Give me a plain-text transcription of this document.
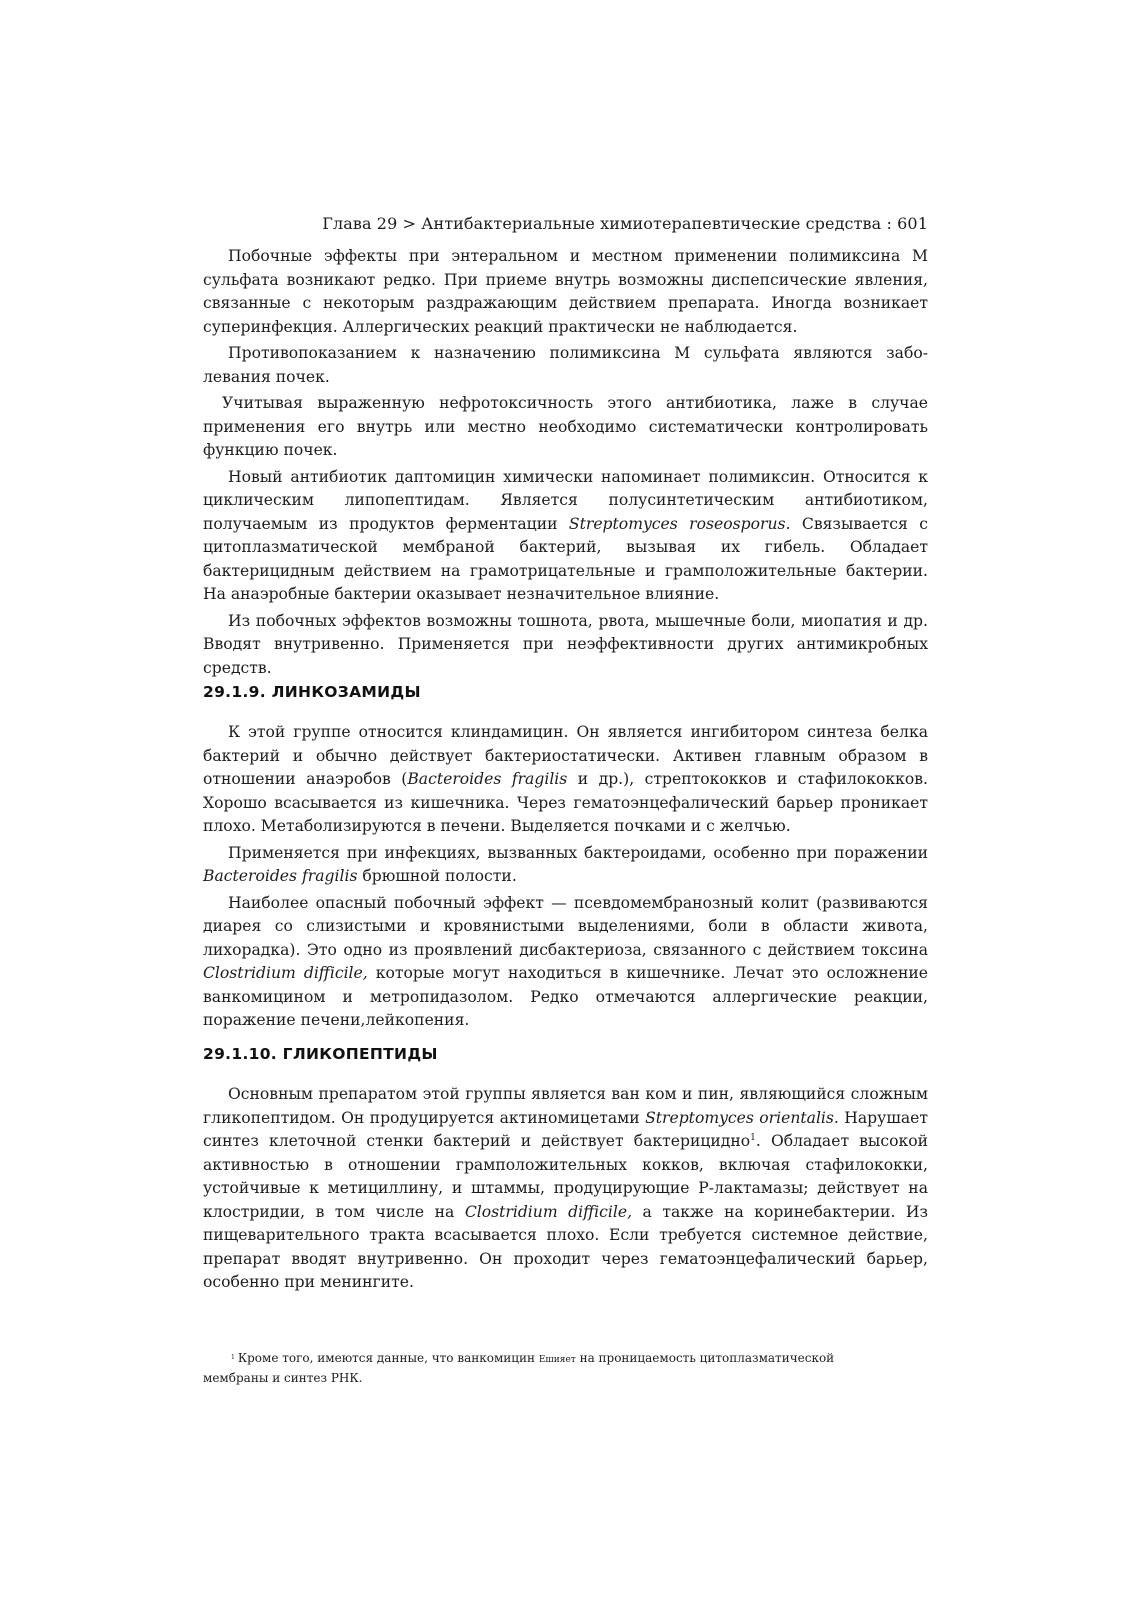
Глава 29 > Антибактериальные химиотерапевтические средства : 601

Побочные эффекты при энтеральном и местном применении полимиксина М сульфата возникают редко. При приеме внутрь возможны диспепсические явления, связанные с некоторым раздражающим действием препарата. Иногда возникает суперинфекция. Аллергических реакций практически не наблюдается.

Противопоказанием к назначению полимиксина М сульфата являются заболевания почек.

Учитывая выраженную нефротоксичность этого антибиотика, лаже в случае применения его внутрь или местно необходимо систематически контролировать функцию почек.

Новый антибиотик даптомицин химически напоминает полимиксин. Относится к циклическим липопептидам. Является полусинтетическим антибиотиком, получаемым из продуктов ферментации Streptomyces roseosporus. Связывается с цитоплазматической мембраной бактерий, вызывая их гибель. Обладает бактерицидным действием на грамотрицательные и грамположительные бактерии. На анаэробные бактерии оказывает незначительное влияние.

Из побочных эффектов возможны тошнота, рвота, мышечные боли, миопатия и др. Вводят внутривенно. Применяется при неэффективности других антимикробных средств.

29.1.9. ЛИНКОЗАМИДЫ

К этой группе относится клиндамицин. Он является ингибитором синтеза белка бактерий и обычно действует бактериостатически. Активен главным образом в отношении анаэробов (Bacteroides fragilis и др.), стрептококков и стафилококков. Хорошо всасывается из кишечника. Через гематоэнцефалический барьер проникает плохо. Метаболизируются в печени. Выделяется почками и с желчью.

Применяется при инфекциях, вызванных бактероидами, особенно при поражении Bacteroides fragilis брюшной полости.

Наиболее опасный побочный эффект — псевдомембранозный колит (развиваются диарея со слизистыми и кровянистыми выделениями, боли в области живота, лихорадка). Это одно из проявлений дисбактериоза, связанного с действием токсина Clostridium difficile, которые могут находиться в кишечнике. Лечат это осложнение ванкомицином и метропидазолом. Редко отмечаются аллергические реакции, поражение печени,лейкопения.

29.1.10. ГЛИКОПЕПТИДЫ

Основным препаратом этой группы является ван ком и пин, являющийся сложным гликопептидом. Он продуцируется актиномицетами Streptomyces orientalis. Нарушает синтез клеточной стенки бактерий и действует бактерицидно$^1$. Обладает высокой активностью в отношении грамположительных кокков, включая стафилококки, устойчивые к метициллину, и штаммы, продуцирующие Р-лактамазы; действует на клостридии, в том числе на Clostridium difficile, а также на коринебактерии. Из пищеварительного тракта всасывается плохо. Если требуется системное действие, препарат вводят внутривенно. Он проходит через гематоэнцефалический барьер, особенно при менингите.

$^1$ Кроме того, имеются данные, что ванкомицин Ешияет на проницаемость цитоплазматической мембраны и синтез РНК.
